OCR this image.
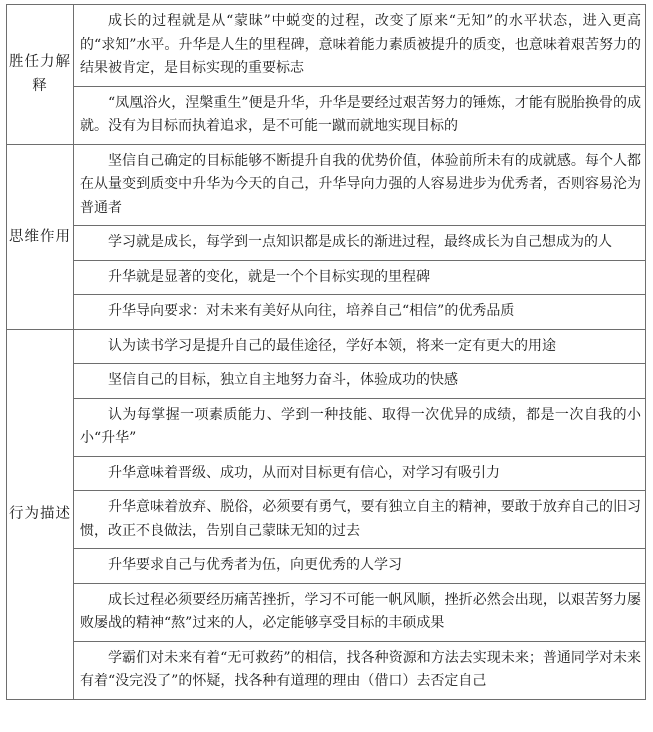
胜任力解释	成长的过程就是从“蒙昧”中蜕变的过程，改变了原来“无知”的水平状态，进入更高的“求知”水平。升华是人生的里程碑，意味着能力素质被提升的质变，也意味着艰苦努力的结果被肯定，是目标实现的重要标志
	“凤凰浴火，涅槃重生”便是升华，升华是要经过艰苦努力的锤炼，才能有脱胎换骨的成就。没有为目标而执着追求，是不可能一蹴而就地实现目标的
思维作用	坚信自己确定的目标能够不断提升自我的优势价值，体验前所未有的成就感。每个人都在从量变到质变中升华为今天的自己，升华导向力强的人容易进步为优秀者，否则容易沦为普通者
	学习就是成长，每学到一点知识都是成长的渐进过程，最终成长为自己想成为的人
	升华就是显著的变化，就是一个个目标实现的里程碑
	升华导向要求：对未来有美好从向往，培养自己“相信”的优秀品质
行为描述	认为读书学习是提升自己的最佳途径，学好本领，将来一定有更大的用途
	坚信自己的目标，独立自主地努力奋斗，体验成功的快感
	认为每掌握一项素质能力、学到一种技能、取得一次优异的成绩，都是一次自我的小小“升华”
	升华意味着晋级、成功，从而对目标更有信心，对学习有吸引力
	升华意味着放弃、脱俗，必须要有勇气，要有独立自主的精神，要敢于放弃自己的旧习惯，改正不良做法，告别自己蒙昧无知的过去
	升华要求自己与优秀者为伍，向更优秀的人学习
	成长过程必须要经历痛苦挫折，学习不可能一帆风顺，挫折必然会出现，以艰苦努力屡败屡战的精神“熬”过来的人，必定能够享受目标的丰硕成果
	学霸们对未来有着“无可救药”的相信，找各种资源和方法去实现未来；普通同学对未来有着“没完没了”的怀疑，找各种有道理的理由（借口）去否定自己
